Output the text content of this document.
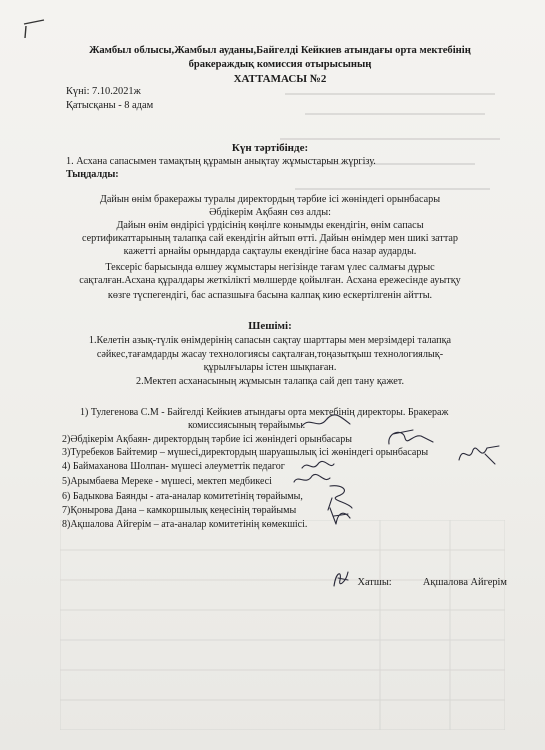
Жамбыл облысы,Жамбыл ауданы,Байгелді Кейкиев атындағы орта мектебінің
бракераждық комиссия отырысының
ХАТТАМАСЫ №2
Күні: 7.10.2021ж
Қатысқаны - 8 адам
Күн тәртібінде:
1. Асхана сапасымен тамақтың құрамын анықтау жұмыстарын жүргізу.
Тыңдалды:
Дайын өнім бракеражы туралы директордың тәрбие ісі жөніндегі орынбасары
Әбдікерім Ақбаян сөз алды:
Дайын өнім өндірісі үрдісінің көңілге конымды екендігін, өнім сапасы
сертификаттарының талапқа сай екендігін айтып өтті. Дайын өнімдер мен шикі заттар
кажетті арнайы орындарда сақтаулы екендігіне баса назар аударды.
Тексеріс барысында өлшеу жұмыстары негізінде тағам үлес салмағы дұрыс
сақталған.Асхана құралдары жеткілікті мөлшерде қойылған. Асхана ережесінде ауытқу
көзге түспегендігі, бас аспазшыға басына калпақ кию ескертілгенін айтты.
Шешімі:
1.Келетін азық-түлік өнімдерінің сапасын сақтау шарттары мен мерзімдері талапқа
сәйкес,тағамдарды жасау технологиясы сақталған,тоңазытқыш технологиялық-
құрылғылары істен шықпаған.
2.Мектеп асханасының жұмысын талапқа сай деп тану қажет.
1) Тулегенова С.М - Байгелді Кейкиев атындағы орта мектебінің директоры. Бракераж
комиссиясының төрайымы.
2)Әбдікерім Ақбаян- директордың тәрбие ісі жөніндегі орынбасары
3)Туребеков Байтемир – мүшесі,директордың шаруашылық ісі жөніндегі орынбасары
4) Баймаханова Шолпан- мүшесі әлеуметтік педагог
5)Арымбаева Мереке - мүшесі, мектеп медбикесі
6) Бадыкова Баянды - ата-аналар комитетінің төрайымы,
7)Қонырова Дана – камкоршылық кеңесінің төрайымы
8)Ақшалова Айгерім – ата-аналар комитетінің көмекшісі.
Хатшы:	Ақшалова Айгерім
